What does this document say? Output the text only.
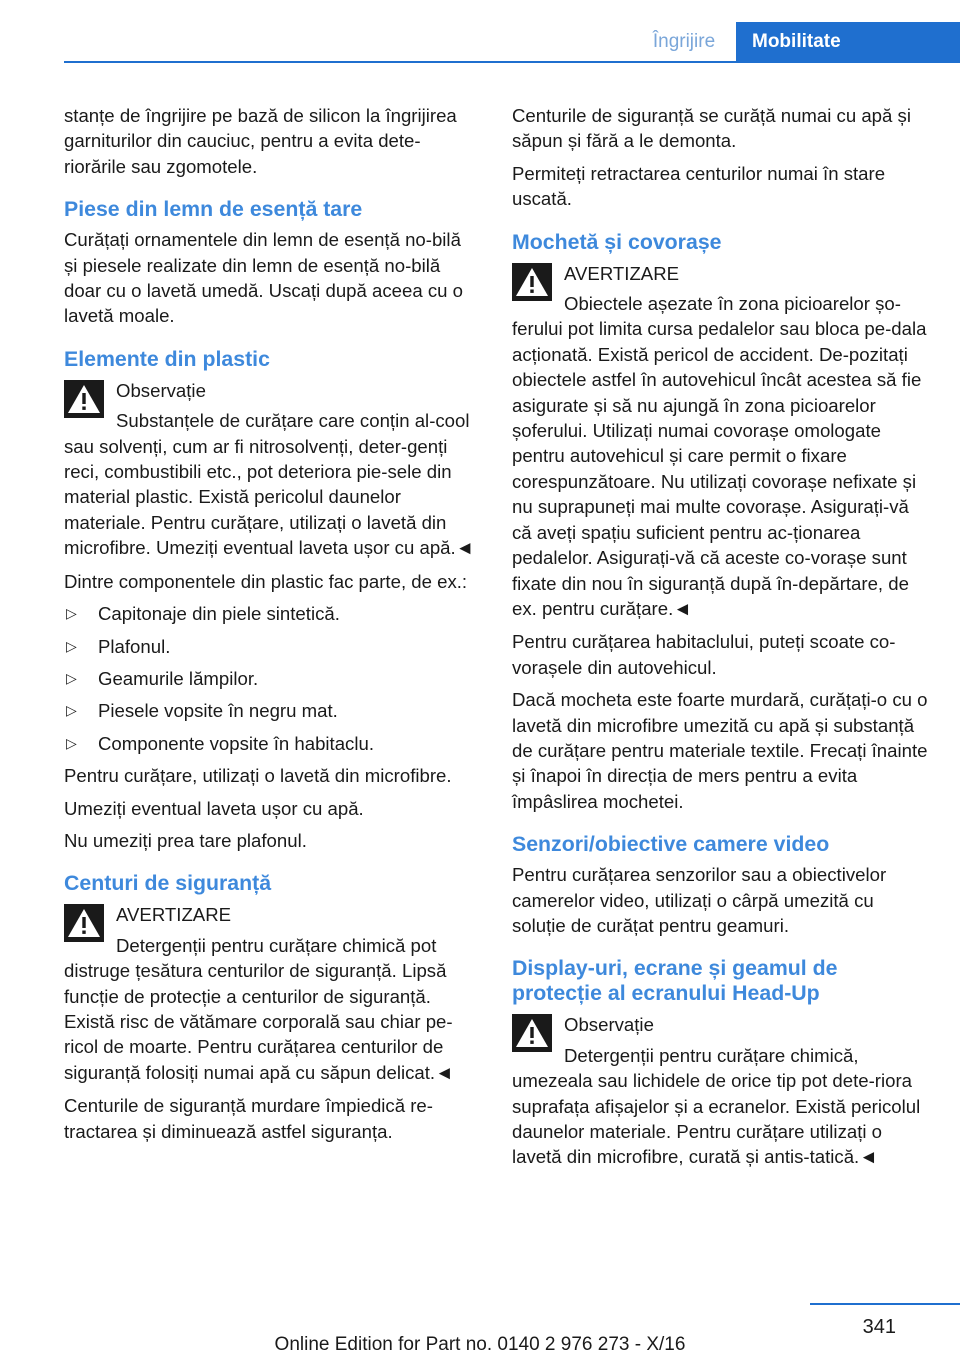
Îngrijire	Mobilitate

stanțe de îngrijire pe bază de silicon la îngrijirea garniturilor din cauciuc, pentru a evita dete-riorările sau zgomotele.

Piese din lemn de esență tare

Curățați ornamentele din lemn de esență no-bilă și piesele realizate din lemn de esență no-bilă doar cu o lavetă umedă. Uscați după aceea cu o lavetă moale.

Elemente din plastic

Observație

Substanțele de curățare care conțin al-cool sau solvenți, cum ar fi nitrosolvenți, deter-genți reci, combustibili etc., pot deteriora pie-sele din material plastic. Există pericolul daunelor materiale. Pentru curățare, utilizați o lavetă din microfibre. Umeziți eventual laveta ușor cu apă.◄

Dintre componentele din plastic fac parte, de ex.:

▷ Capitonaje din piele sintetică.
▷ Plafonul.
▷ Geamurile lămpilor.
▷ Piesele vopsite în negru mat.
▷ Componente vopsite în habitaclu.

Pentru curățare, utilizați o lavetă din microfibre.

Umeziți eventual laveta ușor cu apă.

Nu umeziți prea tare plafonul.

Centuri de siguranță

AVERTIZARE

Detergenții pentru curățare chimică pot distruge țesătura centurilor de siguranță. Lipsă funcție de protecție a centurilor de siguranță. Există risc de vătămare corporală sau chiar pe-ricol de moarte. Pentru curățarea centurilor de siguranță folosiți numai apă cu săpun delicat.◄

Centurile de siguranță murdare împiedică re-tractarea și diminuează astfel siguranța.

Centurile de siguranță se curăță numai cu apă și săpun și fără a le demonta.

Permiteți retractarea centurilor numai în stare uscată.

Mochetă și covorașe

AVERTIZARE

Obiectele așezate în zona picioarelor șo-ferului pot limita cursa pedalelor sau bloca pe-dala acționată. Există pericol de accident. De-pozitați obiectele astfel în autovehicul încât acestea să fie asigurate și să nu ajungă în zona picioarelor șoferului. Utilizați numai covorașe omologate pentru autovehicul și care permit o fixare corespunzătoare. Nu utilizați covorașe nefixate și nu suprapuneți mai multe covorașe. Asigurați-vă că aveți spațiu suficient pentru ac-ționarea pedalelor. Asigurați-vă că aceste co-vorașe sunt fixate din nou în siguranță după în-depărtare, de ex. pentru curățare.◄

Pentru curățarea habitaclului, puteți scoate co-vorașele din autovehicul.

Dacă mocheta este foarte murdară, curățați-o cu o lavetă din microfibre umezită cu apă și substanță de curățare pentru materiale textile. Frecați înainte și înapoi în direcția de mers pentru a evita împâslirea mochetei.

Senzori/obiective camere video

Pentru curățarea senzorilor sau a obiectivelor camerelor video, utilizați o cârpă umezită cu soluție de curățat pentru geamuri.

Display-uri, ecrane și geamul de protecție al ecranului Head-Up

Observație

Detergenții pentru curățare chimică, umezeala sau lichidele de orice tip pot dete-riora suprafața afișajelor și a ecranelor. Există pericolul daunelor materiale. Pentru curățare utilizați o lavetă din microfibre, curată și antis-tatică.◄

341
Online Edition for Part no. 0140 2 976 273 - X/16
